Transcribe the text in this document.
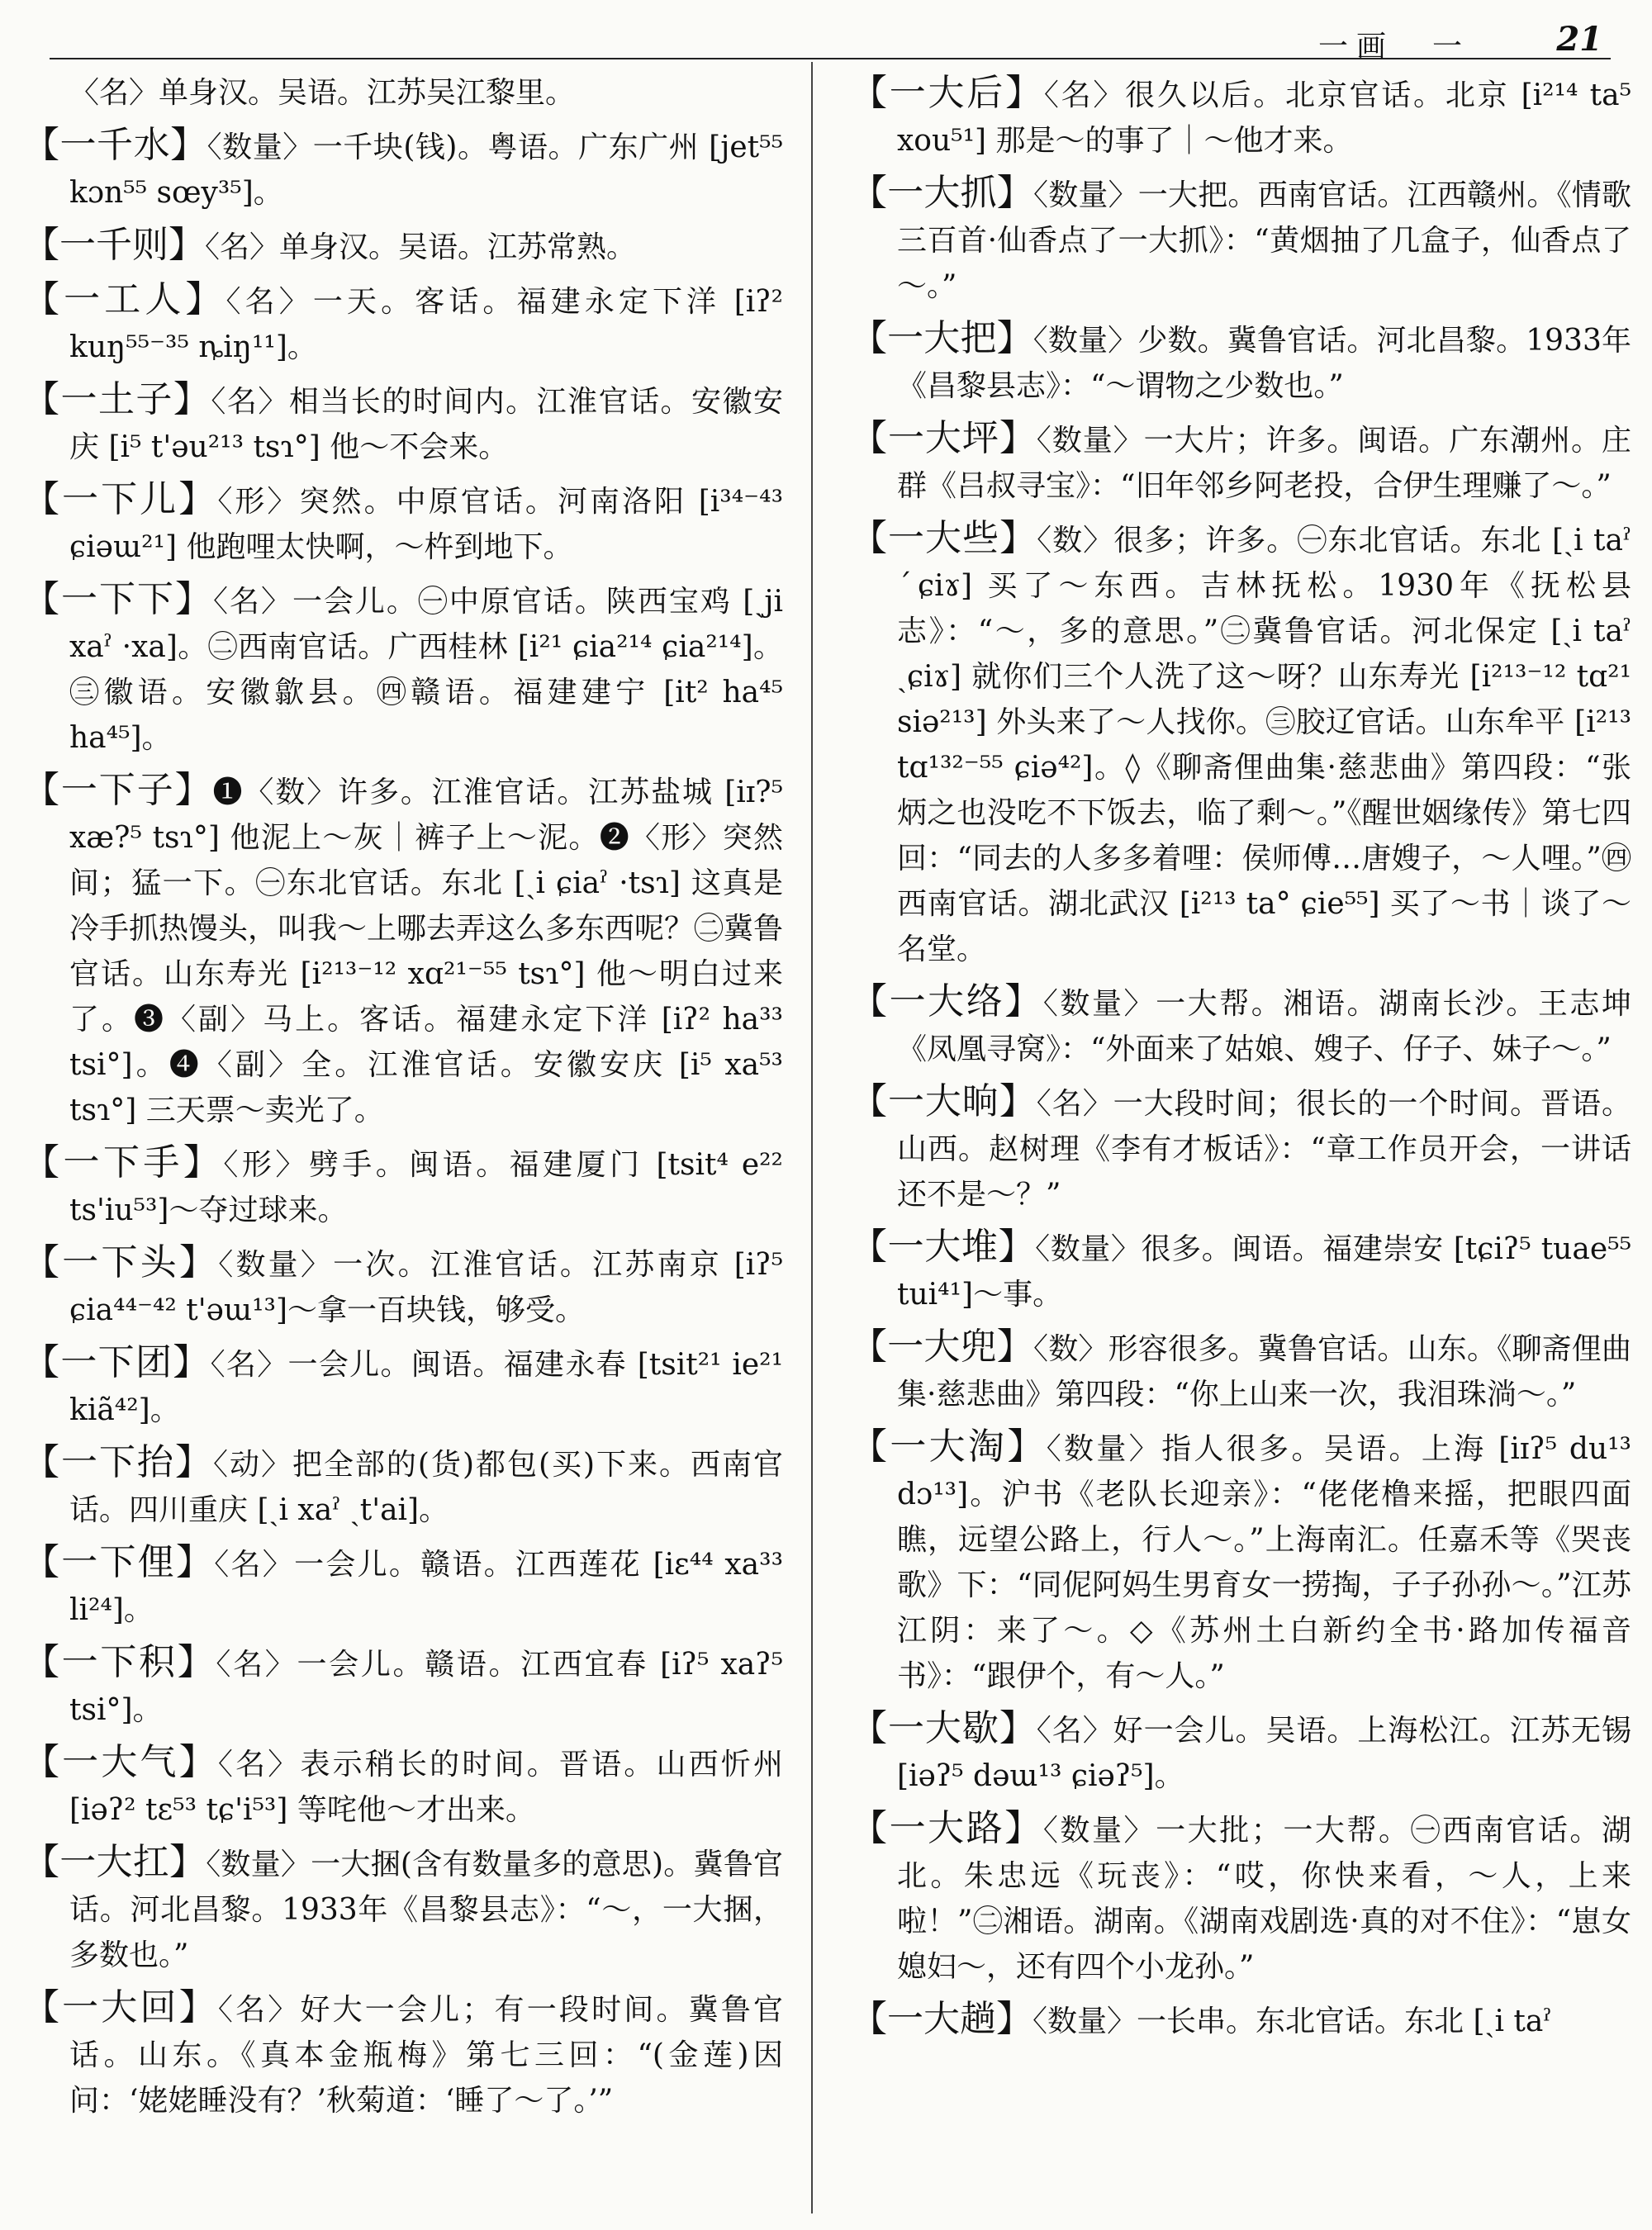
一画　一	21

〈名〉单身汉。吴语。江苏吴江黎里。

【一千水】〈数量〉一千块(钱)。粤语。广东广州 [jet⁵⁵ kɔn⁵⁵ sœy³⁵]。

【一千则】〈名〉单身汉。吴语。江苏常熟。

【一工人】〈名〉一天。客话。福建永定下洋 [iʔ² kuŋ⁵⁵⁻³⁵ ȵiŋ¹¹]。

【一土子】〈名〉相当长的时间内。江淮官话。安徽安庆 [i⁵ t'əu²¹³ tsɿ°] 他～不会来。

【一下儿】〈形〉突然。中原官话。河南洛阳 [i³⁴⁻⁴³ ɕiəɯ²¹] 他跑哩太快啊，～杵到地下。

【一下下】〈名〉一会儿。㊀中原官话。陕西宝鸡 [ˏji xaˀ ·xa]。㊁西南官话。广西桂林 [i²¹ ɕia²¹⁴ ɕia²¹⁴]。㊂徽语。安徽歙县。㊃赣语。福建建宁 [it² ha⁴⁵ ha⁴⁵]。

【一下子】❶〈数〉许多。江淮官话。江苏盐城 [iɪ?⁵ xæ?⁵ tsɿ°] 他泥上～灰｜裤子上～泥。❷〈形〉突然间；猛一下。㊀东北官话。东北 [ˏi ɕiaˀ ·tsɿ] 这真是冷手抓热馒头，叫我～上哪去弄这么多东西呢？㊁冀鲁官话。山东寿光 [i²¹³⁻¹² xɑ²¹⁻⁵⁵ tsɿ°] 他～明白过来了。❸〈副〉马上。客话。福建永定下洋 [iʔ² ha³³ tsi°]。❹〈副〉全。江淮官话。安徽安庆 [i⁵ xa⁵³ tsɿ°] 三天票～卖光了。

【一下手】〈形〉劈手。闽语。福建厦门 [tsit⁴ e²² ts'iu⁵³]～夺过球来。

【一下头】〈数量〉一次。江淮官话。江苏南京 [iʔ⁵ ɕia⁴⁴⁻⁴² t'əɯ¹³]～拿一百块钱，够受。

【一下团】〈名〉一会儿。闽语。福建永春 [tsit²¹ ie²¹ kiã⁴²]。

【一下抬】〈动〉把全部的(货)都包(买)下来。西南官话。四川重庆 [ˏi xaˀ ˏt'ai]。

【一下俚】〈名〉一会儿。赣语。江西莲花 [iɛ⁴⁴ xa³³ li²⁴]。

【一下积】〈名〉一会儿。赣语。江西宜春 [iʔ⁵ xaʔ⁵ tsi°]。

【一大气】〈名〉表示稍长的时间。晋语。山西忻州 [iəʔ² tɛ⁵³ tɕ'i⁵³] 等咤他～才出来。

【一大扛】〈数量〉一大捆(含有数量多的意思)。冀鲁官话。河北昌黎。1933年《昌黎县志》：“～，一大捆，多数也。”

【一大回】〈名〉好大一会儿；有一段时间。冀鲁官话。山东。《真本金瓶梅》第七三回：“(金莲)因问：‘姥姥睡没有？’秋菊道：‘睡了～了。’”

【一大后】〈名〉很久以后。北京官话。北京 [i²¹⁴ ta⁵ xou⁵¹] 那是～的事了｜～他才来。

【一大抓】〈数量〉一大把。西南官话。江西赣州。《情歌三百首·仙香点了一大抓》：“黄烟抽了几盒子，仙香点了～。”

【一大把】〈数量〉少数。冀鲁官话。河北昌黎。1933年《昌黎县志》：“～谓物之少数也。”

【一大坪】〈数量〉一大片；许多。闽语。广东潮州。庄群《吕叔寻宝》：“旧年邻乡阿老投，合伊生理赚了～。”

【一大些】〈数〉很多；许多。㊀东北官话。东北 [ˏi taˀ ˊɕiɤ] 买了～东西。吉林抚松。1930年《抚松县志》：“～，多的意思。”㊁冀鲁官话。河北保定 [ˏi taˀ ˏɕiɤ] 就你们三个人洗了这～呀？山东寿光 [i²¹³⁻¹² tɑ²¹ siə²¹³] 外头来了～人找你。㊂胶辽官话。山东牟平 [i²¹³ tɑ¹³²⁻⁵⁵ ɕiə⁴²]。◊《聊斋俚曲集·慈悲曲》第四段：“张炳之也没吃不下饭去，临了剩～。”《醒世姻缘传》第七四回：“同去的人多多着哩：侯师傅…唐嫂子，～人哩。”㊃西南官话。湖北武汉 [i²¹³ ta° ɕie⁵⁵] 买了～书｜谈了～名堂。

【一大络】〈数量〉一大帮。湘语。湖南长沙。王志坤《凤凰寻窝》：“外面来了姑娘、嫂子、仔子、妹子～。”

【一大晌】〈名〉一大段时间；很长的一个时间。晋语。山西。赵树理《李有才板话》：“章工作员开会，一讲话还不是～？”

【一大堆】〈数量〉很多。闽语。福建崇安 [tɕiʔ⁵ tuae⁵⁵ tui⁴¹]～事。

【一大兜】〈数〉形容很多。冀鲁官话。山东。《聊斋俚曲集·慈悲曲》第四段：“你上山来一次，我泪珠淌～。”

【一大淘】〈数量〉指人很多。吴语。上海 [iɪʔ⁵ du¹³ dɔ¹³]。沪书《老队长迎亲》：“佬佬橹来摇，把眼四面瞧，远望公路上，行人～。”上海南汇。任嘉禾等《哭丧歌》下：“同伲阿妈生男育女一捞掏，子子孙孙～。”江苏江阴：来了～。◇《苏州土白新约全书·路加传福音书》：“跟伊个，有～人。”

【一大歇】〈名〉好一会儿。吴语。上海松江。江苏无锡 [iəʔ⁵ dəɯ¹³ ɕiəʔ⁵]。

【一大路】〈数量〉一大批；一大帮。㊀西南官话。湖北。朱忠远《玩丧》：“哎，你快来看，～人，上来啦！”㊁湘语。湖南。《湖南戏剧选·真的对不住》：“崽女媳妇～，还有四个小龙孙。”

【一大趟】〈数量〉一长串。东北官话。东北 [ˏi taˀ
